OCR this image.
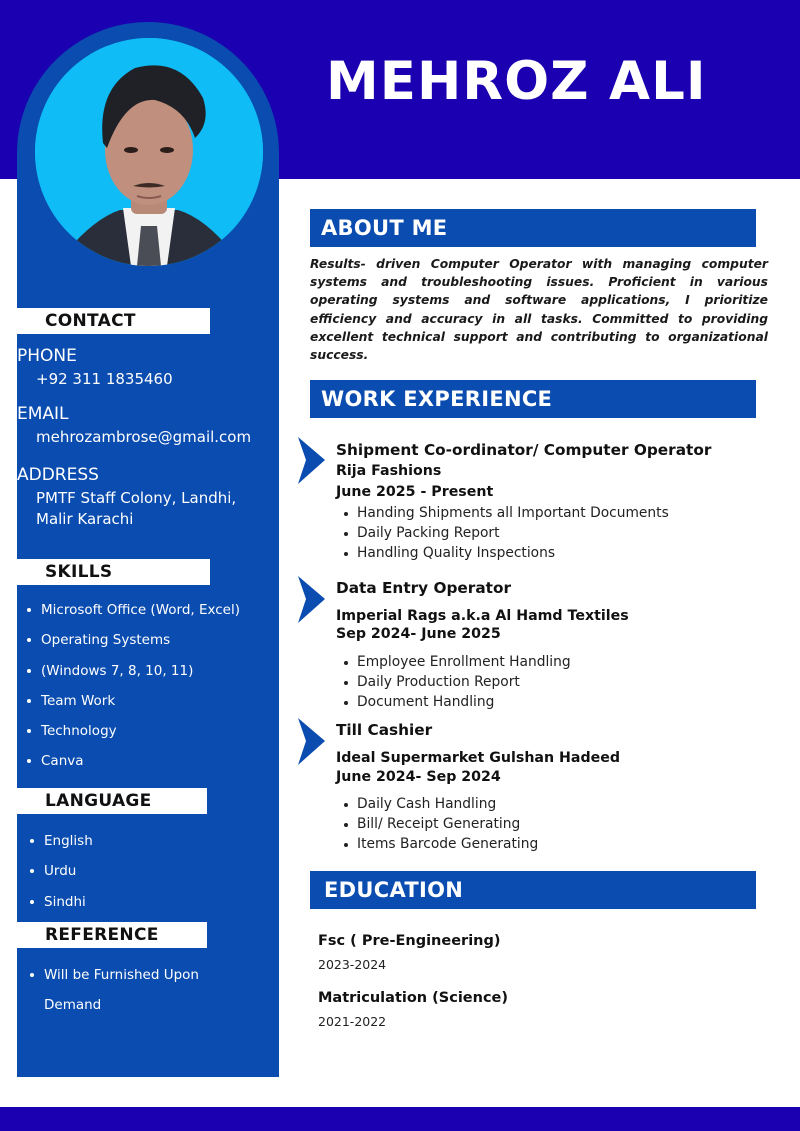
MEHROZ ALI
CONTACT
PHONE
+92 311 1835460
EMAIL
mehrozambrose@gmail.com
ADDRESS
PMTF Staff Colony, Landhi,
Malir Karachi
SKILLS
Microsoft Office (Word, Excel)
Operating Systems
(Windows 7, 8, 10, 11)
Team Work
Technology
Canva
LANGUAGE
English
Urdu
Sindhi
REFERENCE
Will be Furnished Upon
Demand
ABOUT ME

Results- driven Computer Operator with managing computer systems and troubleshooting issues. Proficient in various operating systems and software applications, I prioritize efficiency and accuracy in all tasks. Committed to providing excellent technical support and contributing to organizational success.

WORK EXPERIENCE
Shipment Co-ordinator/ Computer Operator
Rija Fashions
June 2025 - Present
Handing Shipments all Important Documents
Daily Packing Report
Handling Quality Inspections
Data Entry Operator
Imperial Rags a.k.a Al Hamd Textiles
Sep 2024- June 2025
Employee Enrollment Handling
Daily Production Report
Document Handling
Till Cashier
Ideal Supermarket Gulshan Hadeed
June 2024- Sep 2024
Daily Cash Handling
Bill/ Receipt Generating
Items Barcode Generating
EDUCATION
Fsc ( Pre-Engineering)
2023-2024
Matriculation (Science)
2021-2022
